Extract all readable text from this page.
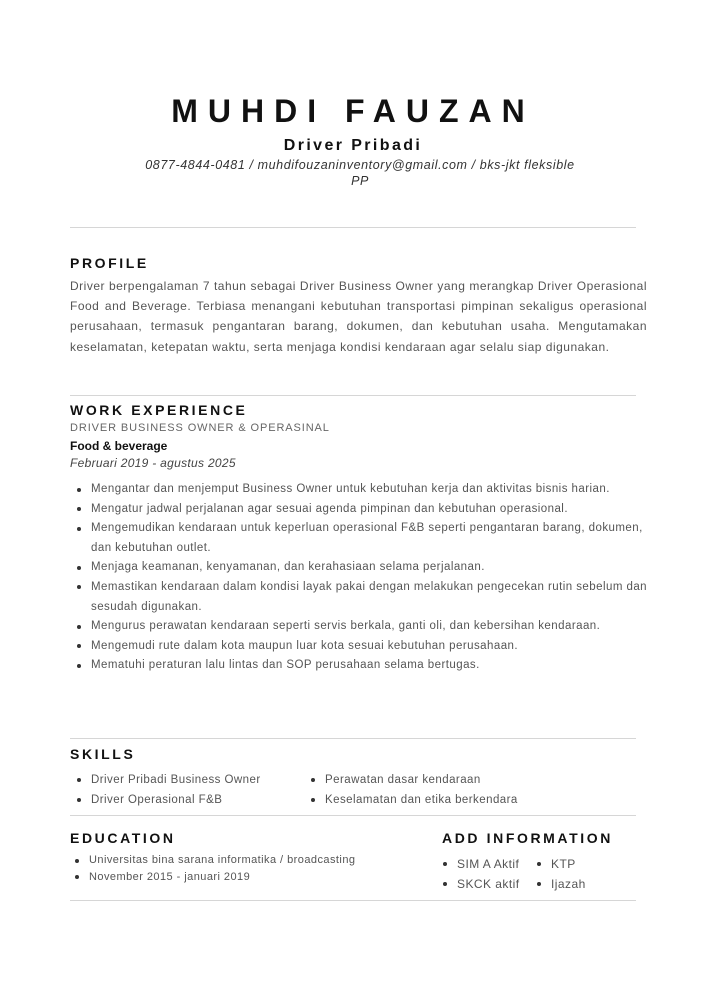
MUHDI FAUZAN
Driver Pribadi
0877-4844-0481 / muhdifouzaninventory@gmail.com / bks-jkt fleksible
PP
PROFILE
Driver berpengalaman 7 tahun sebagai Driver Business Owner yang merangkap Driver Operasional Food and Beverage. Terbiasa menangani kebutuhan transportasi pimpinan sekaligus operasional perusahaan, termasuk pengantaran barang, dokumen, dan kebutuhan usaha. Mengutamakan keselamatan, ketepatan waktu, serta menjaga kondisi kendaraan agar selalu siap digunakan.
WORK EXPERIENCE
DRIVER BUSINESS OWNER & OPERASINAL
Food & beverage
Februari 2019 - agustus 2025
Mengantar dan menjemput Business Owner untuk kebutuhan kerja dan aktivitas bisnis harian.
Mengatur jadwal perjalanan agar sesuai agenda pimpinan dan kebutuhan operasional.
Mengemudikan kendaraan untuk keperluan operasional F&B seperti pengantaran barang, dokumen, dan kebutuhan outlet.
Menjaga keamanan, kenyamanan, dan kerahasiaan selama perjalanan.
Memastikan kendaraan dalam kondisi layak pakai dengan melakukan pengecekan rutin sebelum dan sesudah digunakan.
Mengurus perawatan kendaraan seperti servis berkala, ganti oli, dan kebersihan kendaraan.
Mengemudi rute dalam kota maupun luar kota sesuai kebutuhan perusahaan.
Mematuhi peraturan lalu lintas dan SOP perusahaan selama bertugas.
SKILLS
Driver Pribadi Business Owner
Driver Operasional F&B
Perawatan dasar kendaraan
Keselamatan dan etika berkendara
EDUCATION
Universitas bina sarana informatika / broadcasting
November 2015 - januari 2019
ADD INFORMATION
SIM A Aktif
SKCK aktif
KTP
Ijazah
